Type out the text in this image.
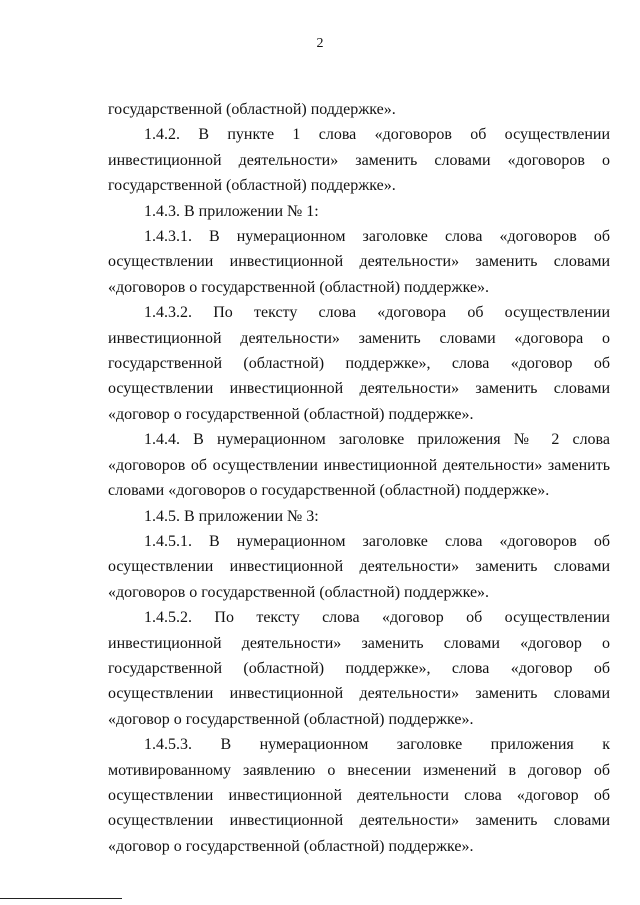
2

государственной (областной) поддержке».

1.4.2. В пункте 1 слова «договоров об осуществлении инвестиционной деятельности» заменить словами «договоров о государственной (областной) поддержке».

1.4.3. В приложении № 1:

1.4.3.1. В нумерационном заголовке слова «договоров об осуществлении инвестиционной деятельности» заменить словами «договоров о государственной (областной) поддержке».

1.4.3.2. По тексту слова «договора об осуществлении инвестиционной деятельности» заменить словами «договора о государственной (областной) поддержке», слова «договор об осуществлении инвестиционной деятельности» заменить словами «договор о государственной (областной) поддержке».

1.4.4. В нумерационном заголовке приложения № 2 слова «договоров об осуществлении инвестиционной деятельности» заменить словами «договоров о государственной (областной) поддержке».

1.4.5. В приложении № 3:

1.4.5.1. В нумерационном заголовке слова «договоров об осуществлении инвестиционной деятельности» заменить словами «договоров о государственной (областной) поддержке».

1.4.5.2. По тексту слова «договор об осуществлении инвестиционной деятельности» заменить словами «договор о государственной (областной) поддержке», слова «договор об осуществлении инвестиционной деятельности» заменить словами «договор о государственной (областной) поддержке».

1.4.5.3. В нумерационном заголовке приложения к мотивированному заявлению о внесении изменений в договор об осуществлении инвестиционной деятельности слова «договор об осуществлении инвестиционной деятельности» заменить словами «договор о государственной (областной) поддержке».
